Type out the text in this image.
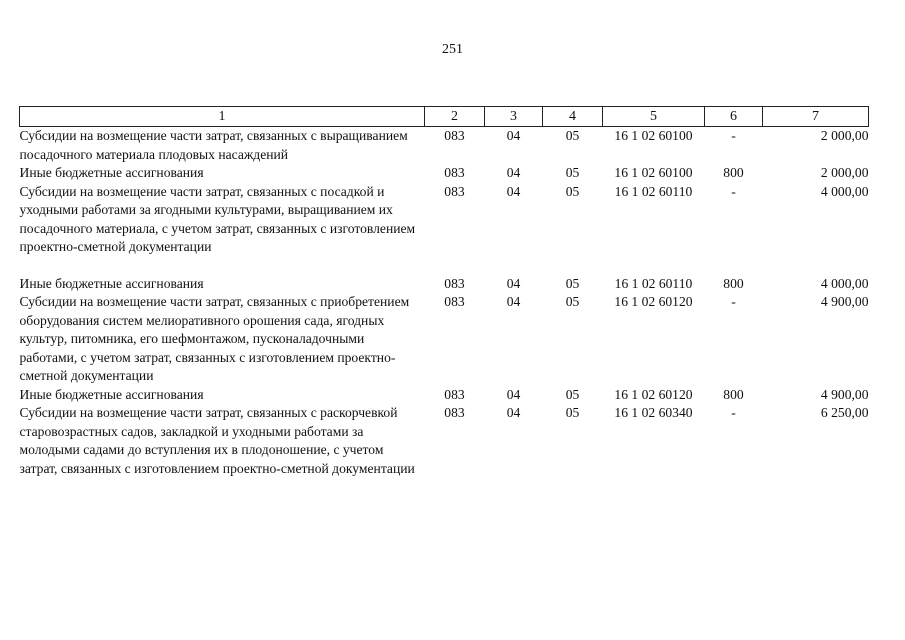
251
1	2	3	4	5	6	7
Субсидии на возмещение части затрат, связанных с выращиванием посадочного материала плодовых насаждений	083	04	05	16 1 02 60100	-	2 000,00
Иные бюджетные ассигнования	083	04	05	16 1 02 60100	800	2 000,00
Субсидии на возмещение части затрат, связанных с посадкой и уходными работами за ягодными культурами, выращиванием их посадочного материала, с учетом затрат, связанных с изготовлением проектно-сметной документации	083	04	05	16 1 02 60110	-	4 000,00

Иные бюджетные ассигнования	083	04	05	16 1 02 60110	800	4 000,00
Субсидии на возмещение части затрат, связанных с приобретением оборудования систем мелиоративного орошения сада, ягодных культур, питомника, его шефмонтажом, пусконаладочными работами, с учетом затрат, связанных с изготовлением проектно-сметной документации	083	04	05	16 1 02 60120	-	4 900,00
Иные бюджетные ассигнования	083	04	05	16 1 02 60120	800	4 900,00
Субсидии на возмещение части затрат, связанных с раскорчевкой старовозрастных садов, закладкой и уходными работами за молодыми садами до вступления их в плодоношение, с учетом затрат, связанных с изготовлением проектно-сметной документации	083	04	05	16 1 02 60340	-	6 250,00
